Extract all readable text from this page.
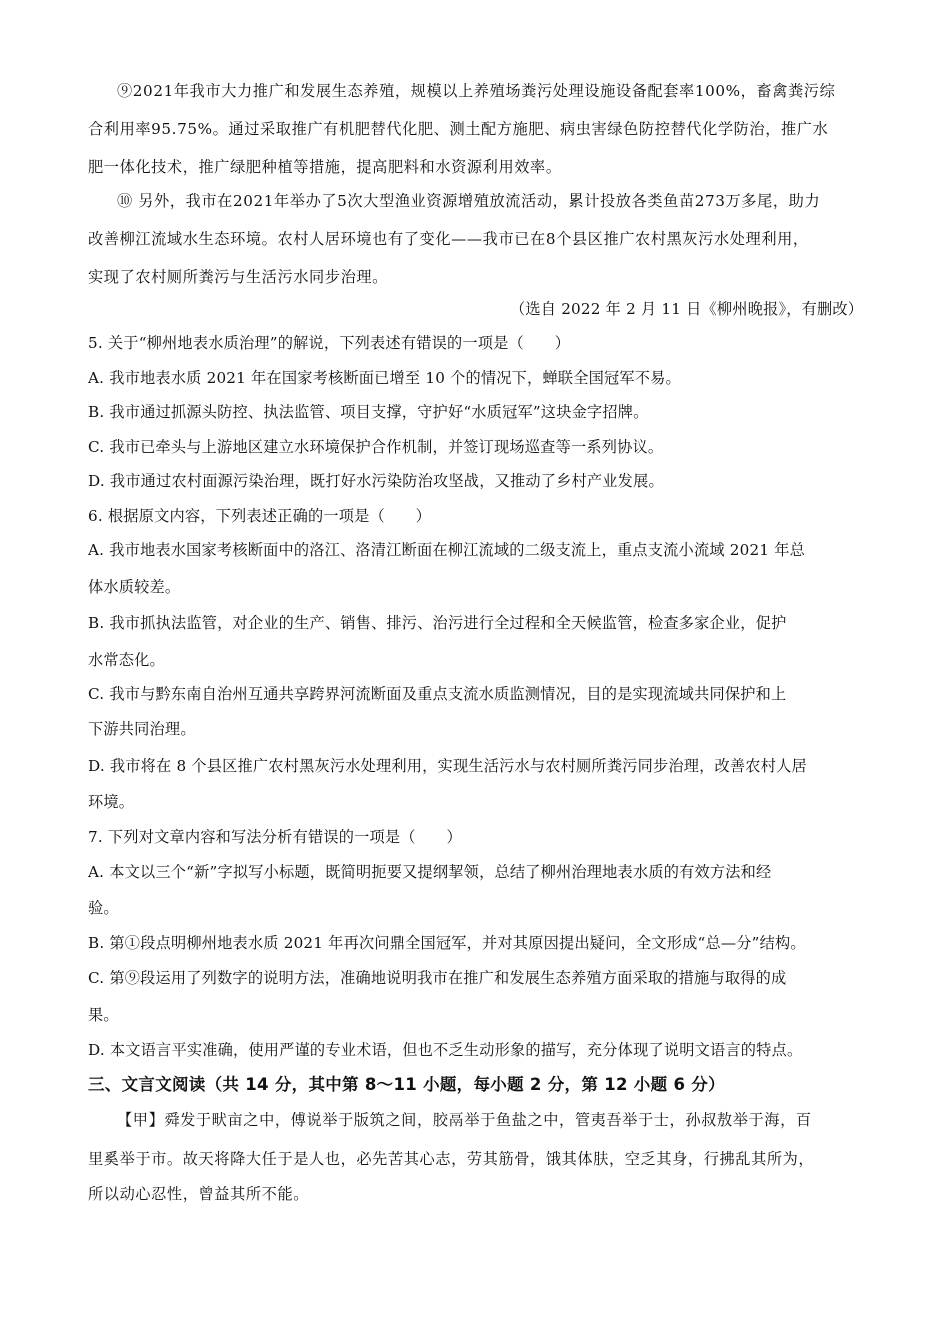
⑨2021年我市大力推广和发展生态养殖，规模以上养殖场粪污处理设施设备配套率100%，畜禽粪污综
合利用率95.75%。通过采取推广有机肥替代化肥、测土配方施肥、病虫害绿色防控替代化学防治，推广水
肥一体化技术，推广绿肥种植等措施，提高肥料和水资源利用效率。
⑩ 另外，我市在2021年举办了5次大型渔业资源增殖放流活动，累计投放各类鱼苗273万多尾，助力
改善柳江流域水生态环境。农村人居环境也有了变化——我市已在8个县区推广农村黑灰污水处理利用，
实现了农村厕所粪污与生活污水同步治理。
（选自 2022 年 2 月 11 日《柳州晚报》，有删改）
5. 关于“柳州地表水质治理”的解说，下列表述有错误的一项是（　　）
A. 我市地表水质 2021 年在国家考核断面已增至 10 个的情况下，蝉联全国冠军不易。
B. 我市通过抓源头防控、执法监管、项目支撑，守护好“水质冠军”这块金字招牌。
C. 我市已牵头与上游地区建立水环境保护合作机制，并签订现场巡查等一系列协议。
D. 我市通过农村面源污染治理，既打好水污染防治攻坚战，又推动了乡村产业发展。
6. 根据原文内容，下列表述正确的一项是（　　）
A. 我市地表水国家考核断面中的洛江、洛清江断面在柳江流域的二级支流上，重点支流小流域 2021 年总
体水质较差。
B. 我市抓执法监管，对企业的生产、销售、排污、治污进行全过程和全天候监管，检查多家企业，促护
水常态化。
C. 我市与黔东南自治州互通共享跨界河流断面及重点支流水质监测情况，目的是实现流域共同保护和上
下游共同治理。
D. 我市将在 8 个县区推广农村黑灰污水处理利用，实现生活污水与农村厕所粪污同步治理，改善农村人居
环境。
7. 下列对文章内容和写法分析有错误的一项是（　　）
A. 本文以三个“新”字拟写小标题，既简明扼要又提纲挈领，总结了柳州治理地表水质的有效方法和经
验。
B. 第①段点明柳州地表水质 2021 年再次问鼎全国冠军，并对其原因提出疑问，全文形成“总—分”结构。
C. 第⑨段运用了列数字的说明方法，准确地说明我市在推广和发展生态养殖方面采取的措施与取得的成
果。
D. 本文语言平实准确，使用严谨的专业术语，但也不乏生动形象的描写，充分体现了说明文语言的特点。
三、文言文阅读（共 14 分，其中第 8～11 小题，每小题 2 分，第 12 小题 6 分）
【甲】舜发于畎亩之中，傅说举于版筑之间，胶鬲举于鱼盐之中，管夷吾举于士，孙叔敖举于海，百
里奚举于市。故天将降大任于是人也，必先苦其心志，劳其筋骨，饿其体肤，空乏其身，行拂乱其所为，
所以动心忍性，曾益其所不能。
